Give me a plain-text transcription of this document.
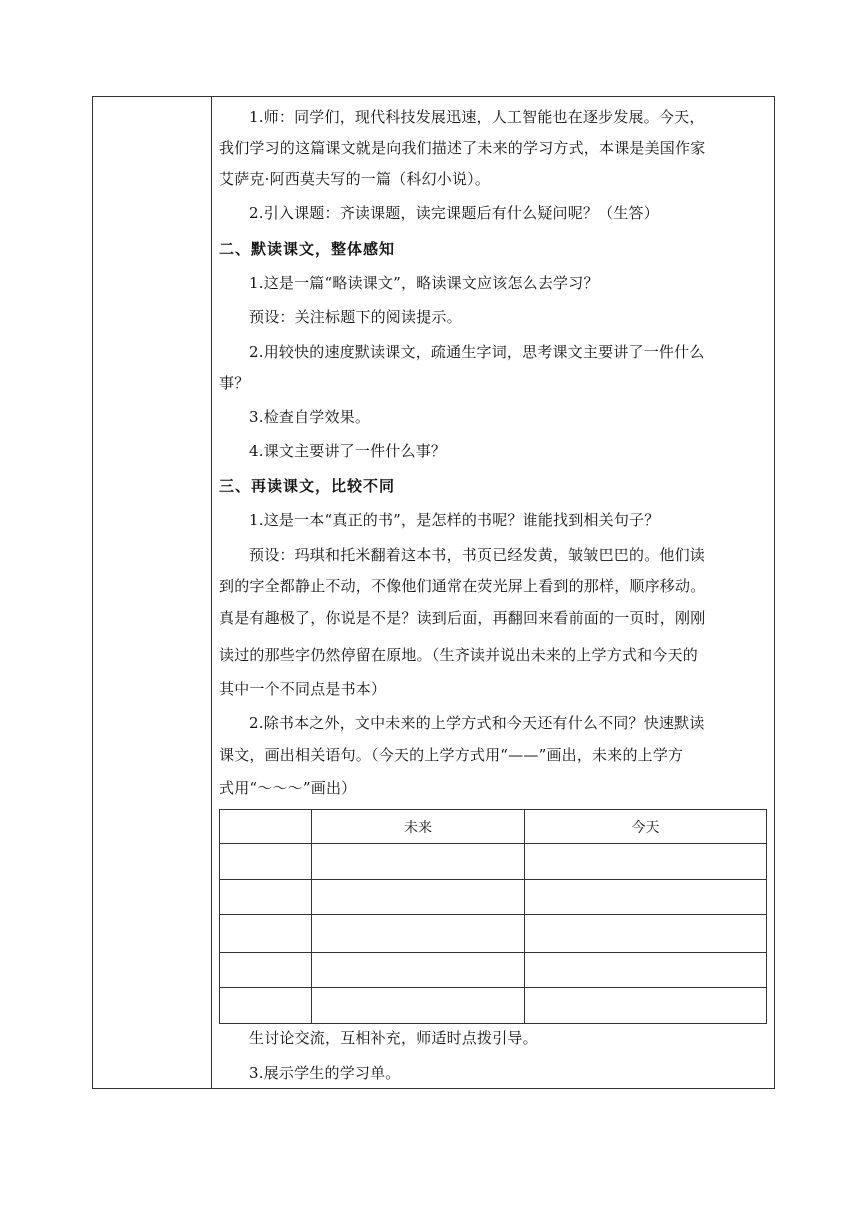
1.师：同学们，现代科技发展迅速，人工智能也在逐步发展。今天，
我们学习的这篇课文就是向我们描述了未来的学习方式，本课是美国作家
艾萨克·阿西莫夫写的一篇（科幻小说）。
2.引入课题：齐读课题，读完课题后有什么疑问呢？（生答）
二、默读课文，整体感知
1.这是一篇“略读课文”，略读课文应该怎么去学习？
预设：关注标题下的阅读提示。
2.用较快的速度默读课文，疏通生字词，思考课文主要讲了一件什么
事？
3.检查自学效果。
4.课文主要讲了一件什么事？
三、再读课文，比较不同
1.这是一本“真正的书”，是怎样的书呢？谁能找到相关句子？
预设：玛琪和托米翻着这本书，书页已经发黄，皱皱巴巴的。他们读
到的字全都静止不动，不像他们通常在荧光屏上看到的那样，顺序移动。
真是有趣极了，你说是不是？读到后面，再翻回来看前面的一页时，刚刚
读过的那些字仍然停留在原地。（生齐读并说出未来的上学方式和今天的
其中一个不同点是书本）
2.除书本之外，文中未来的上学方式和今天还有什么不同？快速默读
课文，画出相关语句。（今天的上学方式用“——”画出，未来的上学方
式用“～～～”画出）
	未来	今天

生讨论交流，互相补充，师适时点拨引导。
3.展示学生的学习单。
